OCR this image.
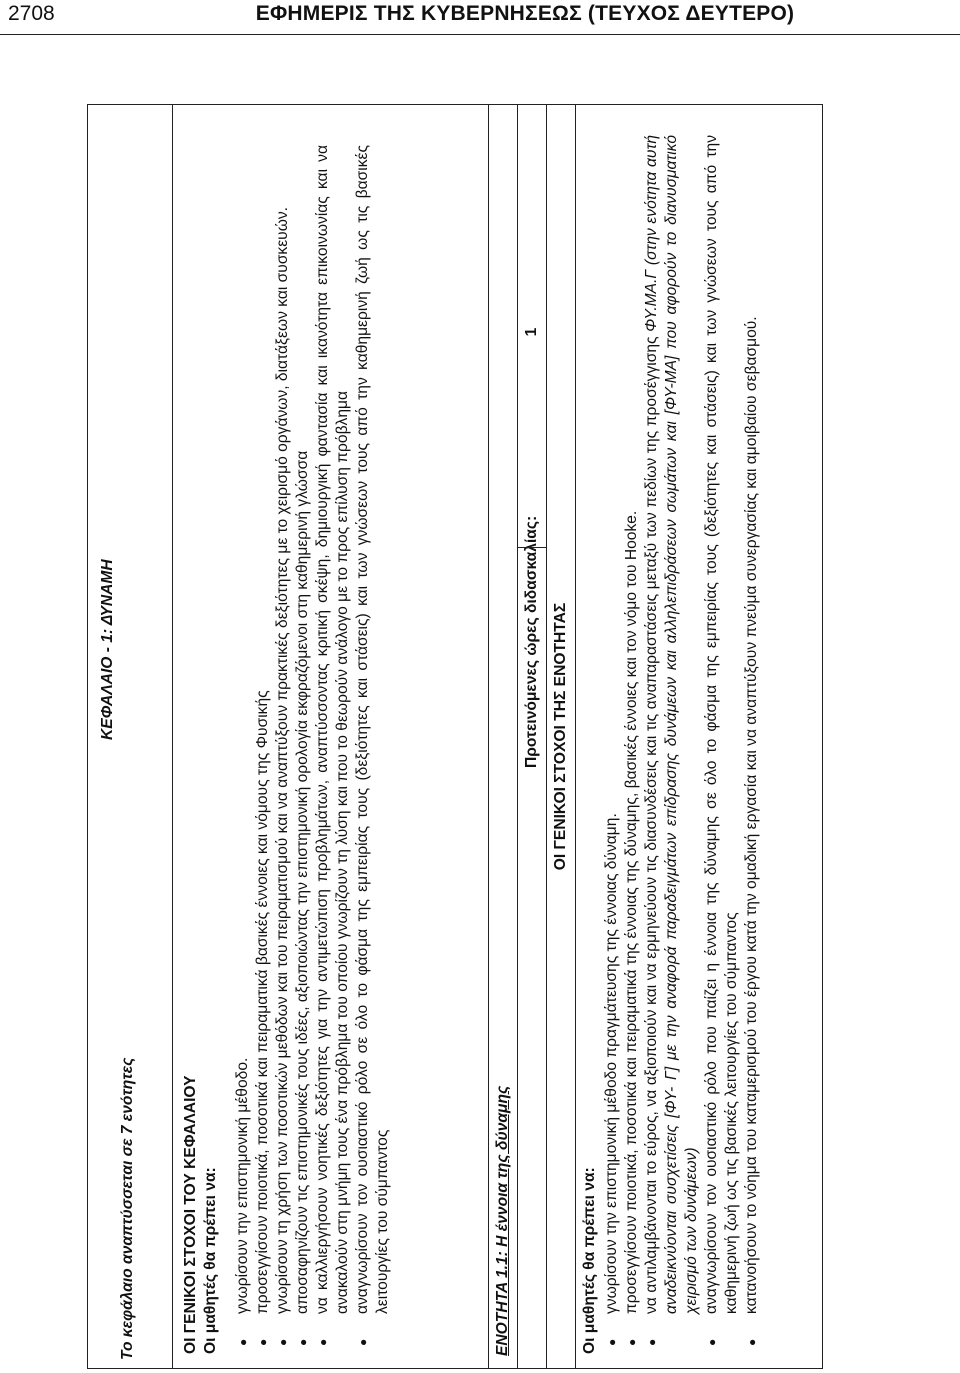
2708	ΕΦΗΜΕΡΙΣ ΤΗΣ ΚΥΒΕΡΝΗΣΕΩΣ (ΤΕΥΧΟΣ ΔΕΥΤΕΡΟ)
Το κεφάλαιο αναπτύσσεται σε 7 ενότητες
ΚΕΦΑΛΑΙΟ - 1: ΔΥΝΑΜΗ
ΟΙ ΓΕΝΙΚΟΙ ΣΤΟΧΟΙ ΤΟΥ ΚΕΦΑΛΑΙΟΥ Οι μαθητές θα πρέπει να: ● γνωρίσουν την επιστημονική μέθοδο. ● προσεγγίσουν ποιοτικά, ποσοτικά και πειραματικά βασικές έννοιες και νόμους της Φυσικής ● γνωρίσουν τη χρήση των ποσοτικών μεθόδων και του πειραματισμού και να αναπτύξουν πρακτικές δεξιότητες με το χειρισμό οργάνων, διατάξεων και συσκευών. ● αποσαφηνίζουν τις επιστημονικές τους ιδέες, αξιοποιώντας την επιστημονική ορολογία εκφραζόμενοι στη καθημερινή γλώσσα ● να καλλιεργήσουν νοητικές δεξιότητες για την αντιμετώπιση προβλημάτων, αναπτύσσοντας κριτική σκέψη, δημιουργική φαντασία και ικανότητα επικοινωνίας και να ανακαλούν στη μνήμη τους ένα πρόβλημα του οποίου γνωρίζουν τη λύση και που το θεωρούν ανάλογο με το προς επίλυση πρόβλημα ● αναγνωρίσουν τον ουσιαστικό ρόλο σε όλο το φάσμα της εμπειρίας τους (δεξιότητες και στάσεις) και των γνώσεων τους από την καθημερινή ζωή ως τις βασικές λειτουργίες του σύμπαντος	ΕΝΟΤΗΤΑ 1.1: Η έννοια της δύναμης
Προτεινόμενες ώρες διδασκαλίας:
1
ΟΙ ΓΕΝΙΚΟΙ ΣΤΟΧΟΙ ΤΗΣ ΕΝΟΤΗΤΑΣ
Οι μαθητές θα πρέπει να: ● γνωρίσουν την επιστημονική μέθοδο πραγμάτευσης της έννοιας δύναμη. ● προσεγγίσουν ποιοτικά, ποσοτικά και πειραματικά της έννοιας της δύναμης, βασικές έννοιες και τον νόμο του Hooke. ● να αντιλαμβάνονται το εύρος, να αξιοποιούν και να ερμηνεύουν τις διασυνδέσεις και τις αναπαραστάσεις μεταξύ των πεδίων της προσέγγισης ΦΥ.ΜΑ.Γ (στην ενότητα αυτή αναδεικνύονται συσχετίσεις [ΦΥ- Γ] με την αναφορά παραδειγμάτων επίδρασης δυνάμεων και αλληλεπιδράσεων σωμάτων και [ΦΥ-ΜΑ] που αφορούν το διανυσματικό χειρισμό των δυνάμεων) ● αναγνωρίσουν τον ουσιαστικό ρόλο που παίζει η έννοια της δύναμης σε όλο το φάσμα της εμπειρίας τους (δεξιότητες και στάσεις) και των γνώσεων τους από την καθημερινή ζωή ως τις βασικές λειτουργίες του σύμπαντος ● κατανοήσουν το νόημα του καταμερισμού του έργου κατά την ομαδική εργασία και να αναπτύξουν πνεύμα συνεργασίας και αμοιβαίου σεβασμού.
